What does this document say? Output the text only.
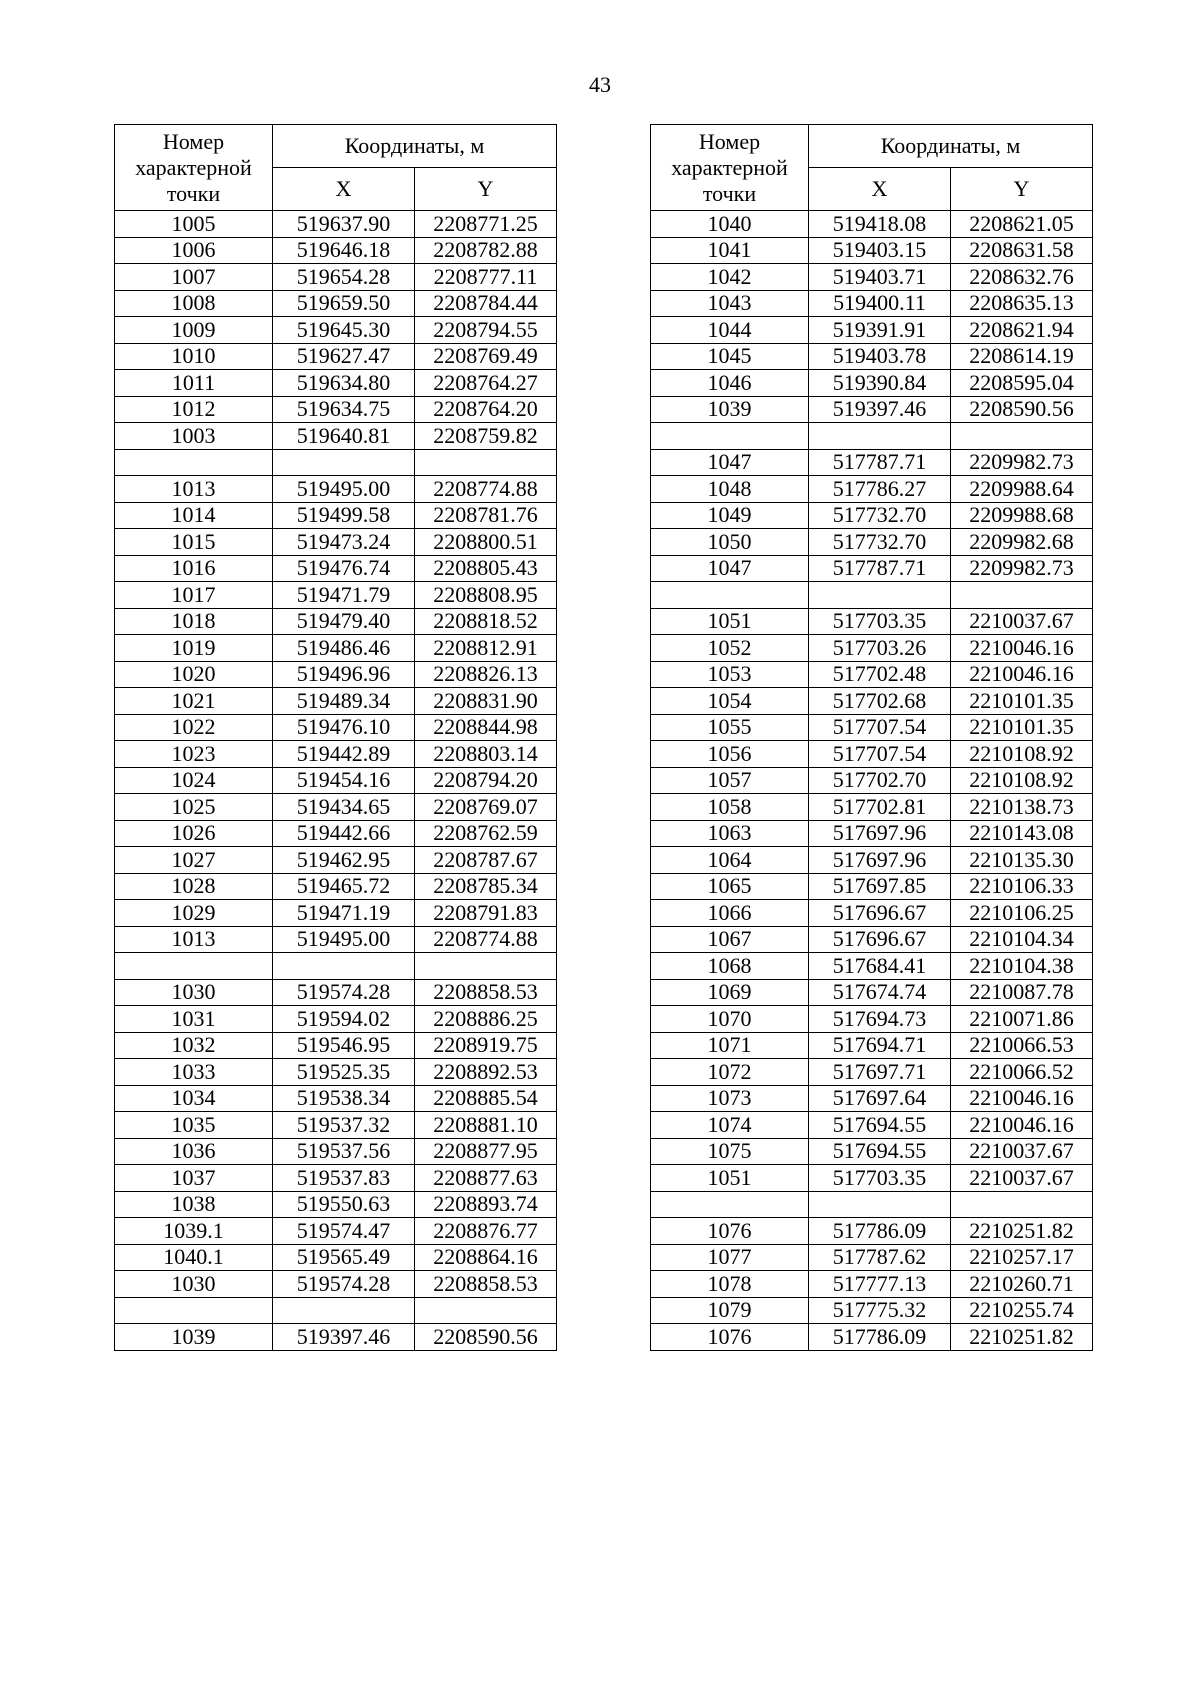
43
Номер
характерной
точки	Координаты, м	
	X	Y
1005	519637.90	2208771.25
1006	519646.18	2208782.88
1007	519654.28	2208777.11
1008	519659.50	2208784.44
1009	519645.30	2208794.55
1010	519627.47	2208769.49
1011	519634.80	2208764.27
1012	519634.75	2208764.20
1003	519640.81	2208759.82

1013	519495.00	2208774.88
1014	519499.58	2208781.76
1015	519473.24	2208800.51
1016	519476.74	2208805.43
1017	519471.79	2208808.95
1018	519479.40	2208818.52
1019	519486.46	2208812.91
1020	519496.96	2208826.13
1021	519489.34	2208831.90
1022	519476.10	2208844.98
1023	519442.89	2208803.14
1024	519454.16	2208794.20
1025	519434.65	2208769.07
1026	519442.66	2208762.59
1027	519462.95	2208787.67
1028	519465.72	2208785.34
1029	519471.19	2208791.83
1013	519495.00	2208774.88

1030	519574.28	2208858.53
1031	519594.02	2208886.25
1032	519546.95	2208919.75
1033	519525.35	2208892.53
1034	519538.34	2208885.54
1035	519537.32	2208881.10
1036	519537.56	2208877.95
1037	519537.83	2208877.63
1038	519550.63	2208893.74
1039.1	519574.47	2208876.77
1040.1	519565.49	2208864.16
1030	519574.28	2208858.53

1039	519397.46	2208590.56
Номер
характерной
точки	Координаты, м	
	X	Y
1040	519418.08	2208621.05
1041	519403.15	2208631.58
1042	519403.71	2208632.76
1043	519400.11	2208635.13
1044	519391.91	2208621.94
1045	519403.78	2208614.19
1046	519390.84	2208595.04
1039	519397.46	2208590.56

1047	517787.71	2209982.73
1048	517786.27	2209988.64
1049	517732.70	2209988.68
1050	517732.70	2209982.68
1047	517787.71	2209982.73

1051	517703.35	2210037.67
1052	517703.26	2210046.16
1053	517702.48	2210046.16
1054	517702.68	2210101.35
1055	517707.54	2210101.35
1056	517707.54	2210108.92
1057	517702.70	2210108.92
1058	517702.81	2210138.73
1063	517697.96	2210143.08
1064	517697.96	2210135.30
1065	517697.85	2210106.33
1066	517696.67	2210106.25
1067	517696.67	2210104.34
1068	517684.41	2210104.38
1069	517674.74	2210087.78
1070	517694.73	2210071.86
1071	517694.71	2210066.53
1072	517697.71	2210066.52
1073	517697.64	2210046.16
1074	517694.55	2210046.16
1075	517694.55	2210037.67
1051	517703.35	2210037.67

1076	517786.09	2210251.82
1077	517787.62	2210257.17
1078	517777.13	2210260.71
1079	517775.32	2210255.74
1076	517786.09	2210251.82
